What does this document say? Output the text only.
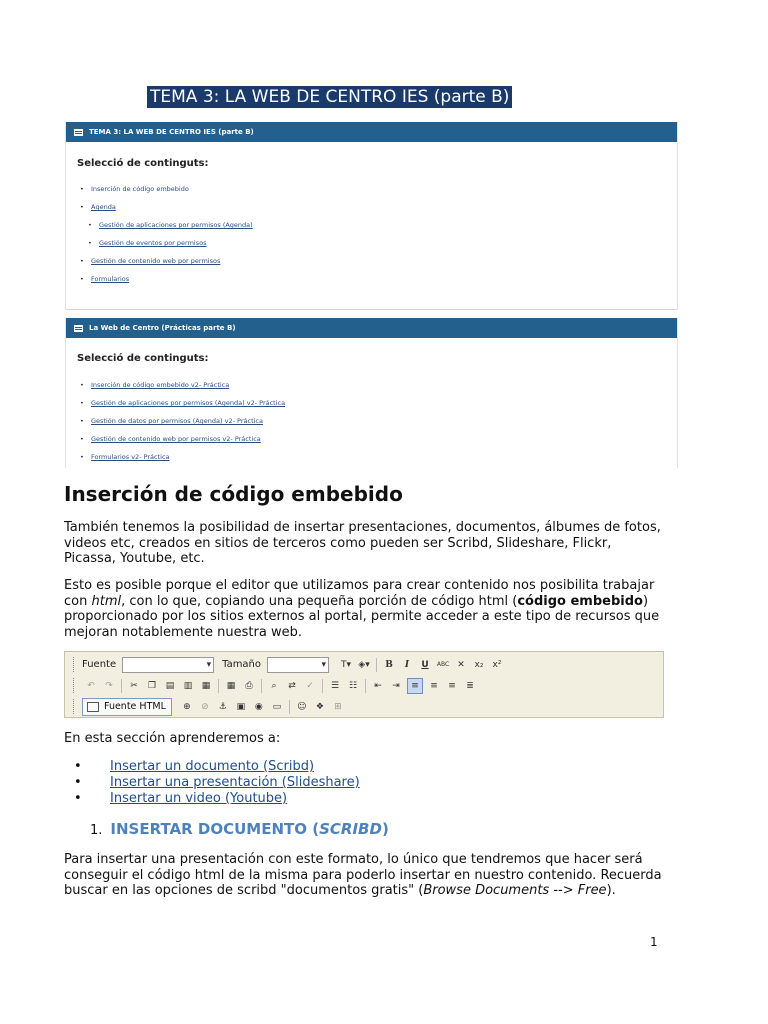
TEMA 3: LA WEB DE CENTRO IES (parte B)
TEMA 3: LA WEB DE CENTRO IES (parte B)
Selecció de continguts:
• Inserción de código embebido
• Agenda
• Gestión de aplicaciones por permisos (Agenda)
• Gestión de eventos por permisos
• Gestión de contenido web por permisos
• Formularios
La Web de Centro (Prácticas parte B)
Selecció de continguts:
• Inserción de código embebido v2- Práctica
• Gestión de aplicaciones por permisos (Agenda) v2- Práctica
• Gestión de datos por permisos (Agenda) v2- Práctica
• Gestión de contenido web por permisos v2- Práctica
• Formularios v2- Práctica
Inserción de código embebido

También tenemos la posibilidad de insertar presentaciones, documentos, álbumes de fotos, videos etc, creados en sitios de terceros como pueden ser Scribd, Slideshare, Flickr, Picassa, Youtube, etc.

Esto es posible porque el editor que utilizamos para crear contenido nos posibilita trabajar con html, con lo que, copiando una pequeña porción de código html (código embebido) proporcionado por los sitios externos al portal, permite acceder a este tipo de recursos que mejoran notablemente nuestra web.

Fuente ▾	Tamaño ▾	T▾ ◈▾	B	I	U	ABC ✕	x₂ x²
↶	↷	✂	❐	▤	▥	▦	▦	⎙	⌕	⇄	✓	☰	☷	⇤	⇥	≡	≡	≡	≣
Fuente HTML	⊕	⊘	⚓	▣	◉	▭	☺	❖	⊞

En esta sección aprenderemos a:

• Insertar un documento (Scribd)
• Insertar una presentación (Slideshare)
• Insertar un video (Youtube)
1. INSERTAR DOCUMENTO (SCRIBD)

Para insertar una presentación con este formato, lo único que tendremos que hacer será conseguir el código html de la misma para poderlo insertar en nuestro contenido. Recuerda buscar en las opciones de scribd "documentos gratis" (Browse Documents --> Free).

1
